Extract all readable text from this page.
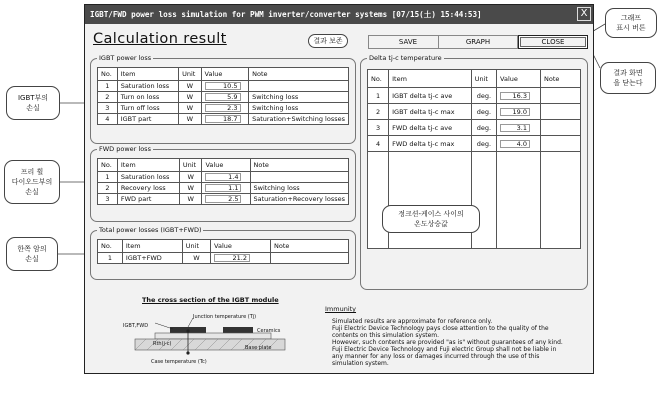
IGBT/FWD power loss simulation for PWM inverter/converter systems [07/15(土) 15:44:53]	X
Calculation result	SAVE	GRAPH	CLOSE
IGBT power loss
No.	Item	Unit	Value	Note
1	Saturation loss	W	10.5	
2	Turn on loss	W	5.9	Switching loss
3	Turn off loss	W	2.3	Switching loss
4	IGBT part	W	18.7	Saturation+Switching losses
FWD power loss
No.	Item	Unit	Value	Note
1	Saturation loss	W	1.4	
2	Recovery loss	W	1.1	Switching loss
3	FWD part	W	2.5	Saturation+Recovery losses
Total power losses (IGBT+FWD)
No.	Item	Unit	Value	Note
1	IGBT+FWD	W	21.2	
Delta tj-c temperature
No.	Item	Unit	Value	Note
1	IGBT delta tj-c ave	deg.	16.3	
2	IGBT delta tj-c max	deg.	19.0	
3	FWD delta tj-c ave	deg.	3.1	
4	FWD delta tj-c max	deg.	4.0	

The cross section of the IGBT module
Junction temperature (Tj)
IGBT,FWD
Ceramics
Rth(j-c)
Base plate
Case temperature (Tc)
Immunity
Simulated results are approximate for reference only.
Fuji Electric Device Technology pays close attention to the quality of the
contents on this simulation system.
However, such contents are provided "as is" without guarantees of any kind.
Fuji Electric Device Technology and Fuji electric Group shall not be liable in
any manner for any loss or damages incurred through the use of this
simulation system.
IGBT부의
손실
프리 휠
다이오드부의
손실
한쪽 암의
손실
결과 보존
그래프
표시 버튼
결과 화면
을 닫는다
정크션-케이스 사이의
온도상승값
